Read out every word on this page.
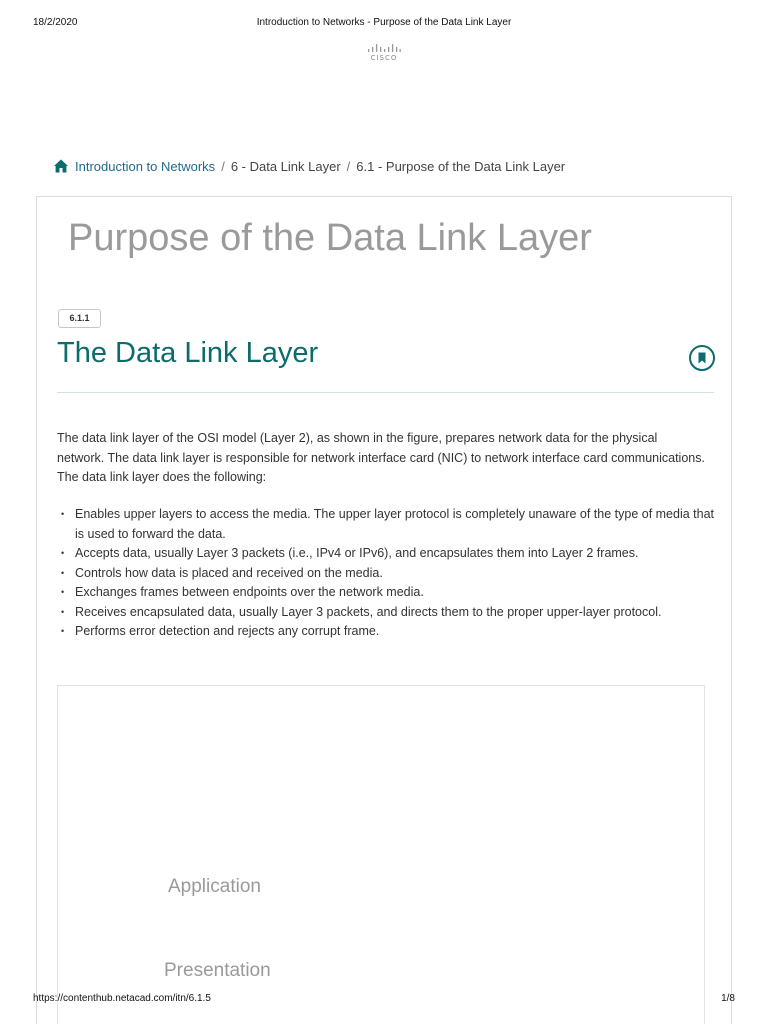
18/2/2020	Introduction to Networks - Purpose of the Data Link Layer
CISCO
Introduction to Networks / 6 - Data Link Layer / 6.1 - Purpose of the Data Link Layer
Purpose of the Data Link Layer
6.1.1
The Data Link Layer

The data link layer of the OSI model (Layer 2), as shown in the figure, prepares network data for the physical network. The data link layer is responsible for network interface card (NIC) to network interface card communications. The data link layer does the following:

• Enables upper layers to access the media. The upper layer protocol is completely unaware of the type of media that is used to forward the data.
• Accepts data, usually Layer 3 packets (i.e., IPv4 or IPv6), and encapsulates them into Layer 2 frames.
• Controls how data is placed and received on the media.
• Exchanges frames between endpoints over the network media.
• Receives encapsulated data, usually Layer 3 packets, and directs them to the proper upper-layer protocol.
• Performs error detection and rejects any corrupt frame.
Application
Presentation
https://contenthub.netacad.com/itn/6.1.5	1/8
